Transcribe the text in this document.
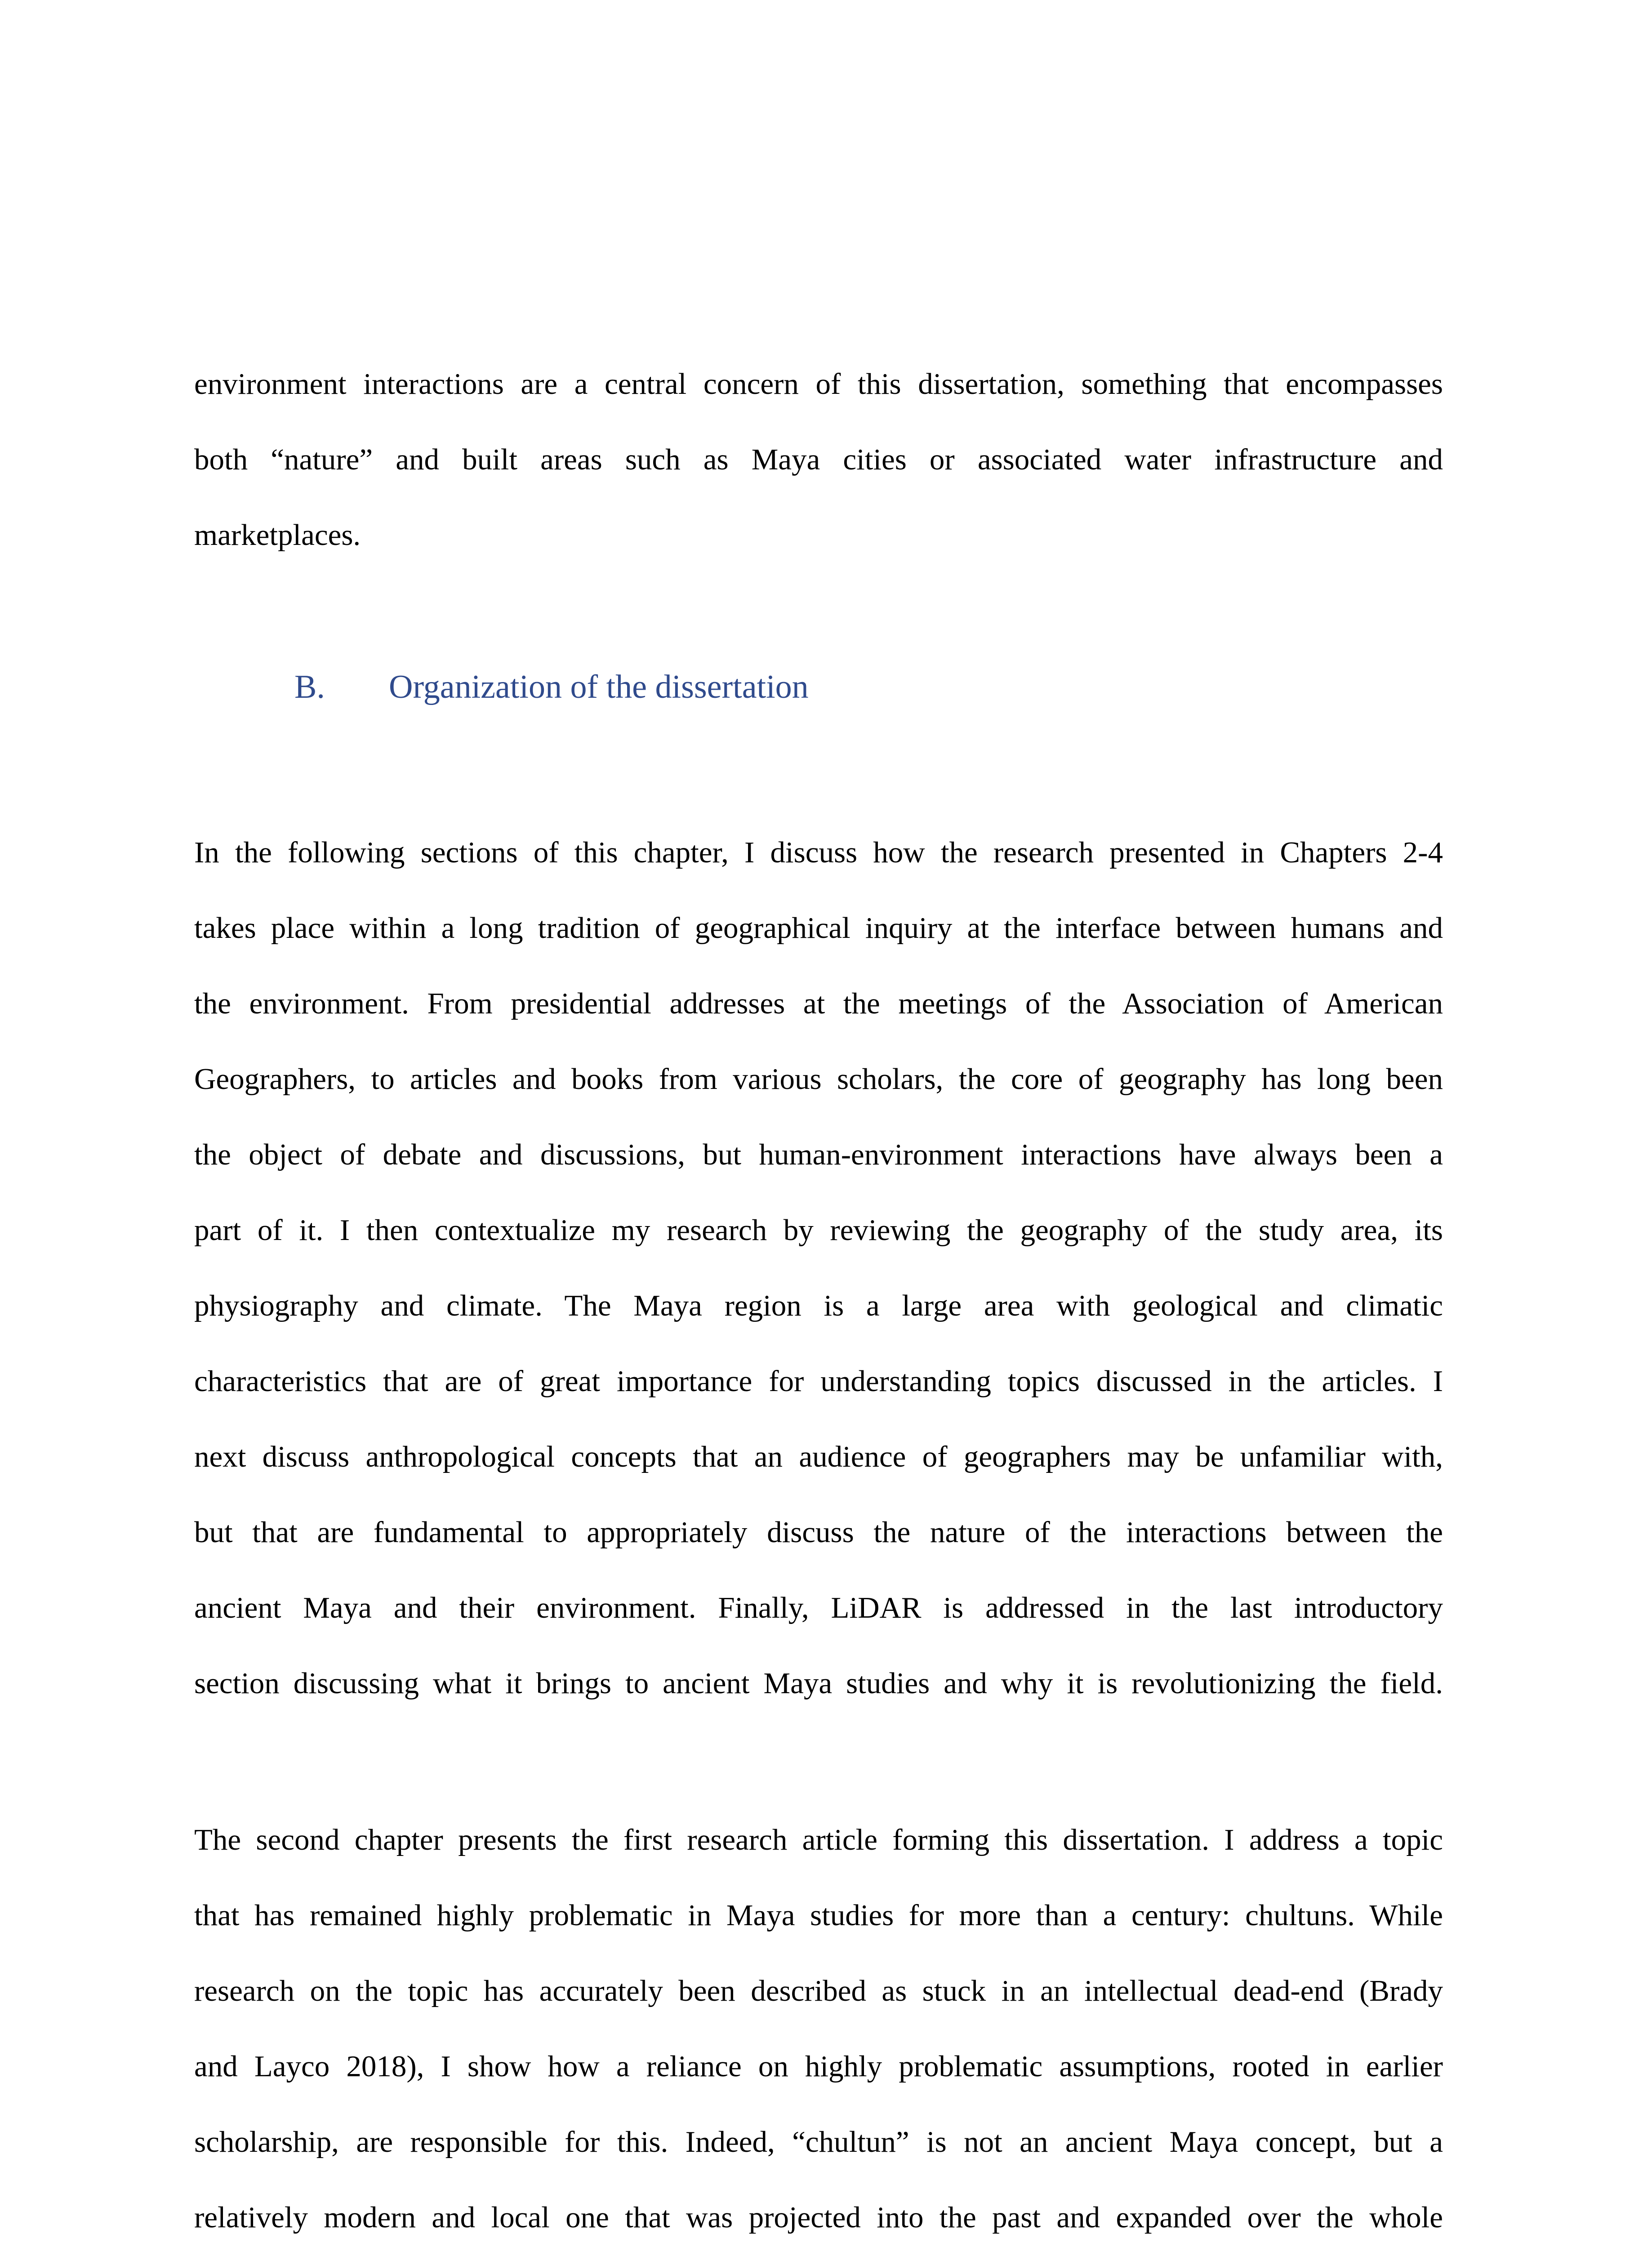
environment interactions are a central concern of this dissertation, something that encompasses
both “nature” and built areas such as Maya cities or associated water infrastructure and
marketplaces.
B. Organization of the dissertation
In the following sections of this chapter, I discuss how the research presented in Chapters 2-4
takes place within a long tradition of geographical inquiry at the interface between humans and
the environment. From presidential addresses at the meetings of the Association of American
Geographers, to articles and books from various scholars, the core of geography has long been
the object of debate and discussions, but human-environment interactions have always been a
part of it. I then contextualize my research by reviewing the geography of the study area, its
physiography and climate. The Maya region is a large area with geological and climatic
characteristics that are of great importance for understanding topics discussed in the articles. I
next discuss anthropological concepts that an audience of geographers may be unfamiliar with,
but that are fundamental to appropriately discuss the nature of the interactions between the
ancient Maya and their environment. Finally, LiDAR is addressed in the last introductory
section discussing what it brings to ancient Maya studies and why it is revolutionizing the field.
The second chapter presents the first research article forming this dissertation. I address a topic
that has remained highly problematic in Maya studies for more than a century: chultuns. While
research on the topic has accurately been described as stuck in an intellectual dead-end (Brady
and Layco 2018), I show how a reliance on highly problematic assumptions, rooted in earlier
scholarship, are responsible for this. Indeed, “chultun” is not an ancient Maya concept, but a
relatively modern and local one that was projected into the past and expanded over the whole
